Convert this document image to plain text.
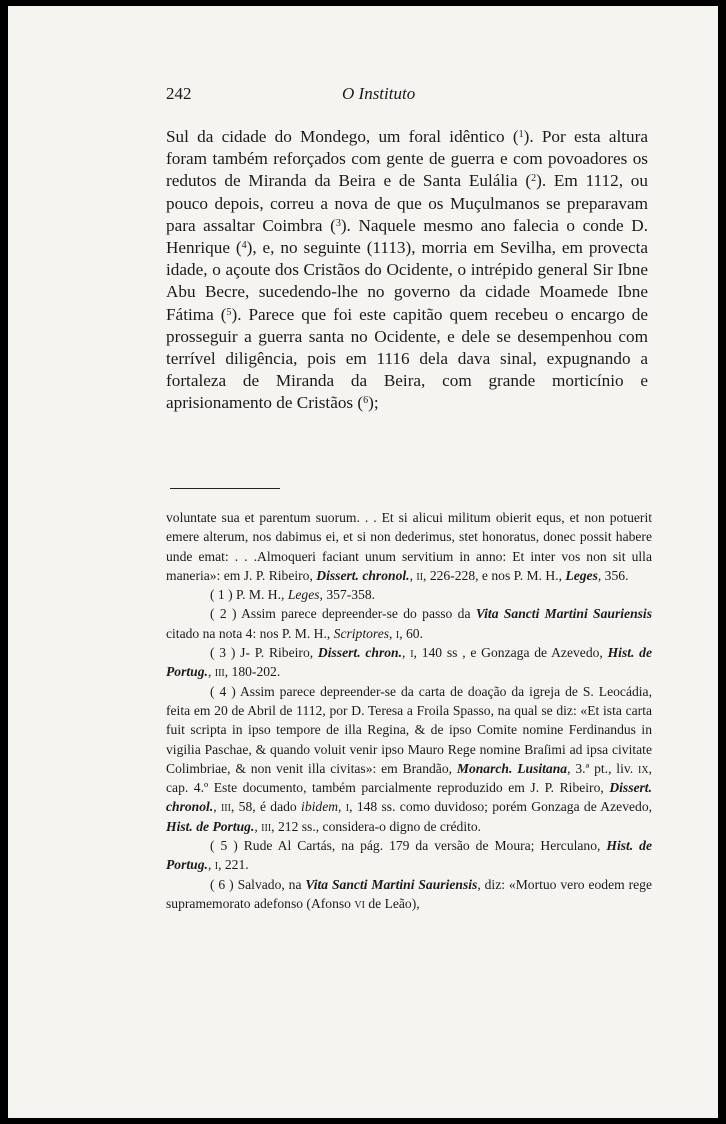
242	O Instituto

Sul da cidade do Mondego, um foral idêntico ($^1$). Por esta altura foram também reforçados com gente de guerra e com povoadores os redutos de Miranda da Beira e de Santa Eulália ($^2$). Em 1112, ou pouco depois, correu a nova de que os Muçulmanos se preparavam para assaltar Coimbra ($^3$). Naquele mesmo ano falecia o conde D. Henrique ($^4$), e, no seguinte (1113), morria em Sevilha, em provecta idade, o açoute dos Cristãos do Ocidente, o intrépido general Sir Ibne Abu Becre, sucedendo-lhe no governo da cidade Moamede Ibne Fátima ($^5$). Parece que foi este capitão quem recebeu o encargo de prosseguir a guerra santa no Ocidente, e dele se desempenhou com terrível diligência, pois em 1116 dela dava sinal, expugnando a fortaleza de Miranda da Beira, com grande morticínio e aprisionamento de Cristãos ($^6$);

voluntate sua et parentum suorum. . . Et si alicui militum obierit equs, et non potuerit emere alterum, nos dabimus ei, et si non dederimus, stet honoratus, donec possit habere unde emat: . . .Almoqueri faciant unum servitium in anno: Et inter vos non sit ulla maneria»: em J. P. Ribeiro, Dissert. chronol., ii, 226-228, e nos P. M. H., Leges, 356.

( 1 ) P. M. H., Leges, 357-358.

( 2 ) Assim parece depreender-se do passo da Vita Sancti Martini Sauriensis citado na nota 4: nos P. M. H., Scriptores, i, 60.

( 3 ) J- P. Ribeiro, Dissert. chron., i, 140 ss , e Gonzaga de Azevedo, Hist. de Portug., iii, 180-202.

( 4 ) Assim parece depreender-se da carta de doação da igreja de S. Leocádia, feita em 20 de Abril de 1112, por D. Teresa a Froila Spasso, na qual se diz: «Et ista carta fuit scripta in ipso tempore de illa Regina, & de ipso Comite nomine Ferdinandus in vigilia Paschae, & quando voluit venir ipso Mauro Rege nomine Braſimi ad ipsa civitate Colimbriae, & non venit illa civitas»: em Brandão, Monarch. Lusitana, 3.ª pt., liv. ix, cap. 4.º Este documento, também parcialmente reproduzido em J. P. Ribeiro, Dissert. chronol., iii, 58, é dado ibidem, i, 148 ss. como duvidoso; porém Gonzaga de Azevedo, Hist. de Portug., iii, 212 ss., considera-o digno de crédito.

( 5 ) Rude Al Cartás, na pág. 179 da versão de Moura; Herculano, Hist. de Portug., i, 221.

( 6 ) Salvado, na Vita Sancti Martini Sauriensis, diz: «Mortuo vero eodem rege supramemorato adefonso (Afonso vi de Leão),
